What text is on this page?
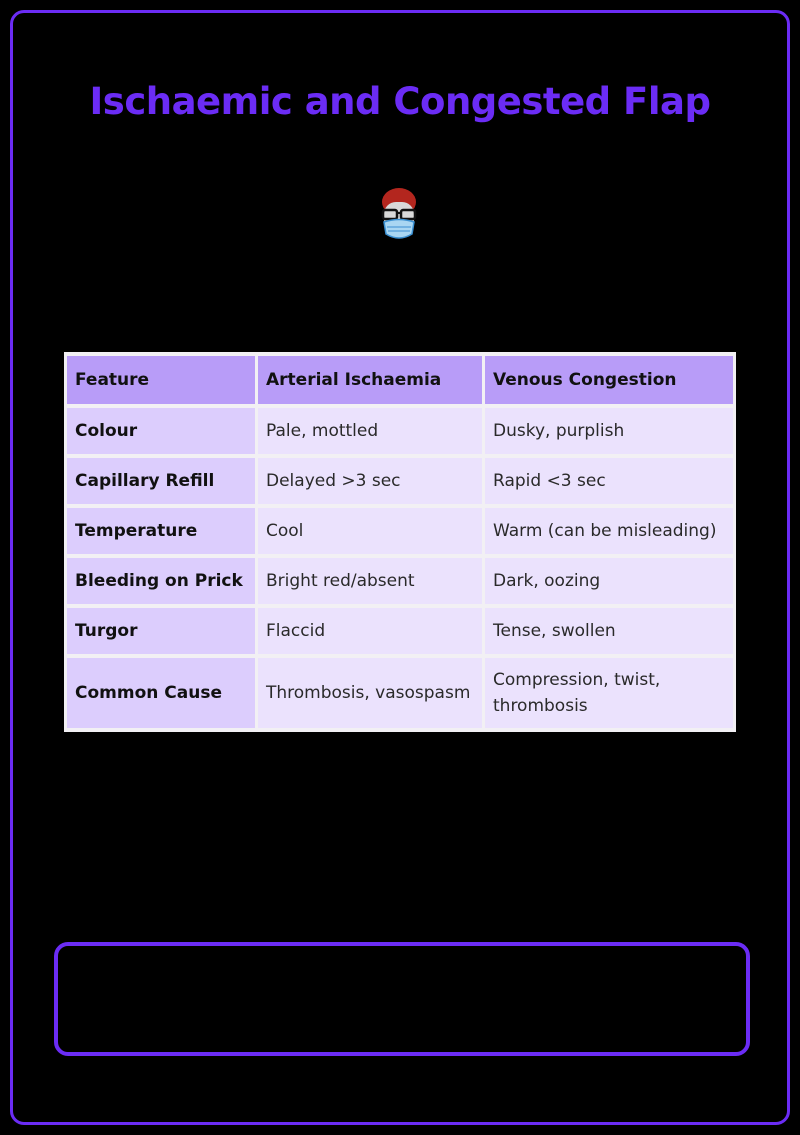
Ischaemic and Congested Flap
Feature	Arterial Ischaemia	Venous Congestion
Colour	Pale, mottled	Dusky, purplish
Capillary Refill	Delayed >3 sec	Rapid <3 sec
Temperature	Cool	Warm (can be misleading)
Bleeding on Prick	Bright red/absent	Dark, oozing
Turgor	Flaccid	Tense, swollen
Common Cause	Thrombosis, vasospasm	Compression, twist, thrombosis
